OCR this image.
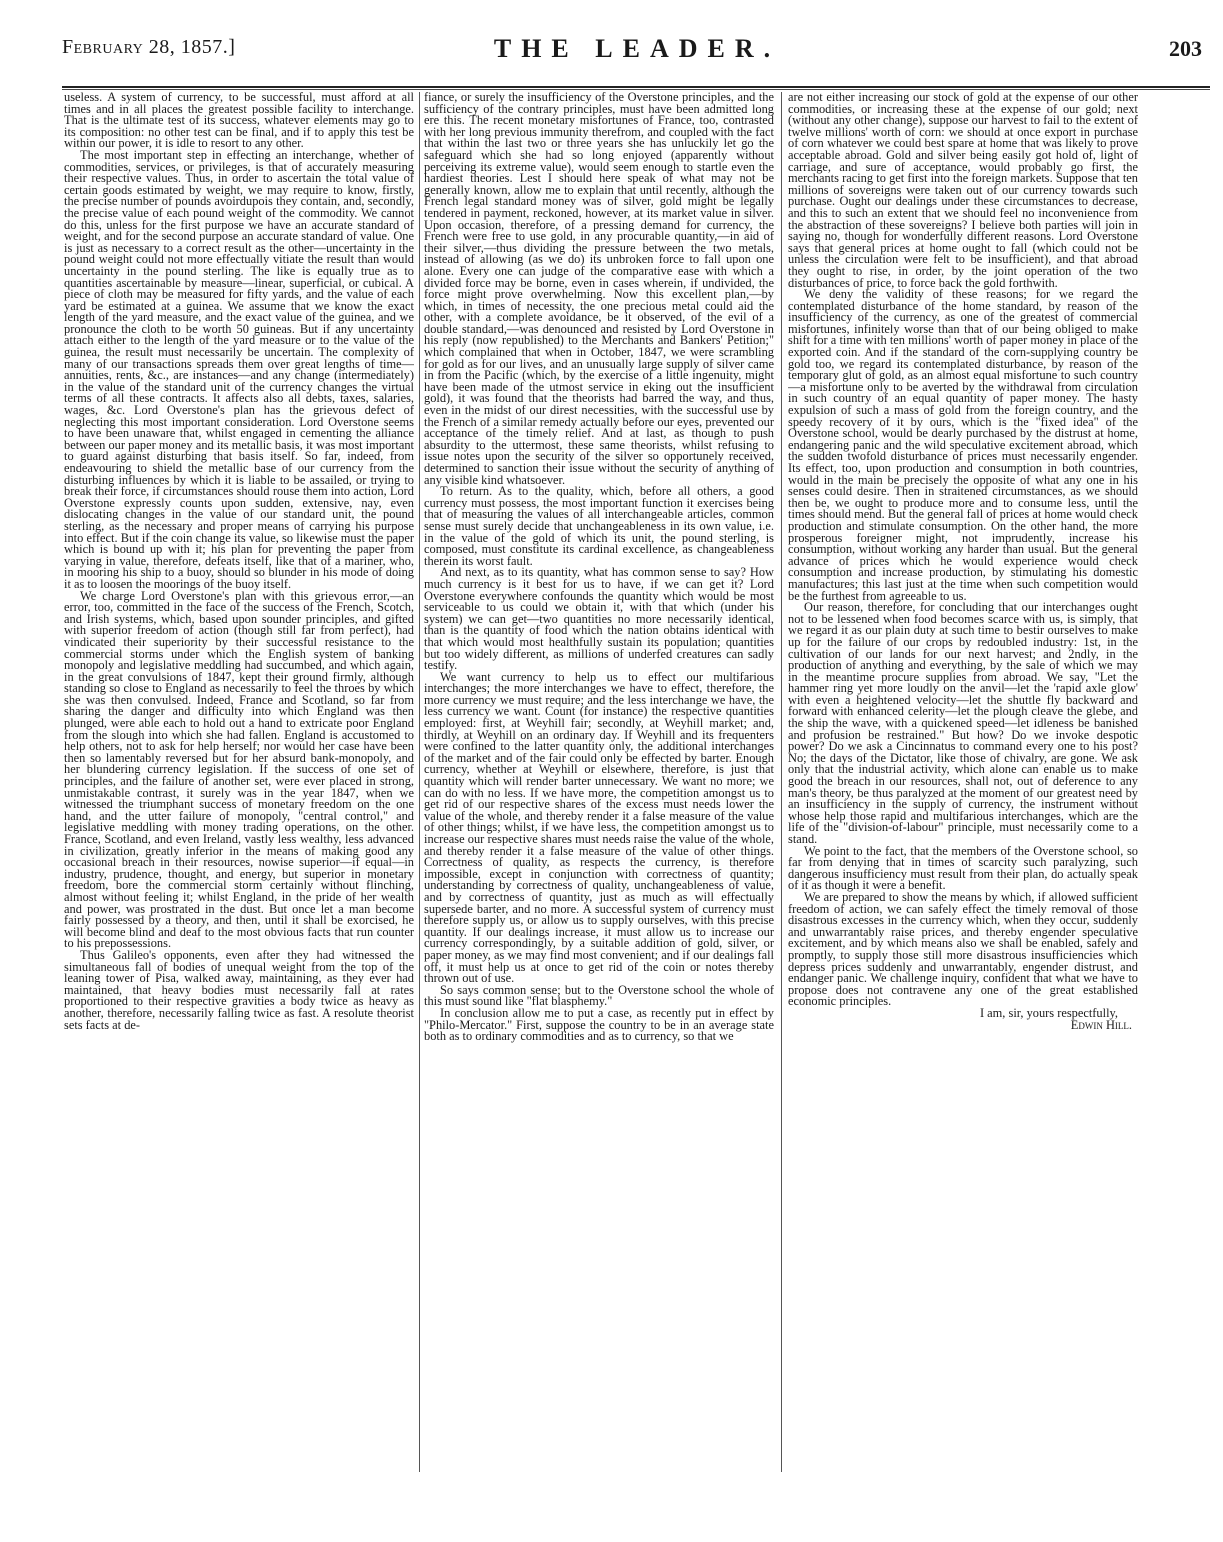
February 28, 1857.]	THE LEADER.	203

useless. A system of currency, to be successful, must afford at all times and in all places the greatest possible facility to interchange. That is the ultimate test of its success, whatever elements may go to its composition: no other test can be final, and if to apply this test be within our power, it is idle to resort to any other.

The most important step in effecting an interchange, whether of commodities, services, or privileges, is that of accurately measuring their respective values. Thus, in order to ascertain the total value of certain goods estimated by weight, we may require to know, firstly, the precise number of pounds avoirdupois they contain, and, secondly, the precise value of each pound weight of the commodity. We cannot do this, unless for the first purpose we have an accurate standard of weight, and for the second purpose an accurate standard of value. One is just as necessary to a correct result as the other—uncertainty in the pound weight could not more effectually vitiate the result than would uncertainty in the pound sterling. The like is equally true as to quantities ascertainable by measure—linear, superficial, or cubical. A piece of cloth may be measured for fifty yards, and the value of each yard be estimated at a guinea. We assume that we know the exact length of the yard measure, and the exact value of the guinea, and we pronounce the cloth to be worth 50 guineas. But if any uncertainty attach either to the length of the yard measure or to the value of the guinea, the result must necessarily be uncertain. The complexity of many of our transactions spreads them over great lengths of time—annuities, rents, &c., are instances—and any change (intermediately) in the value of the standard unit of the currency changes the virtual terms of all these contracts. It affects also all debts, taxes, salaries, wages, &c. Lord Overstone's plan has the grievous defect of neglecting this most important consideration. Lord Overstone seems to have been unaware that, whilst engaged in cementing the alliance between our paper money and its metallic basis, it was most important to guard against disturbing that basis itself. So far, indeed, from endeavouring to shield the metallic base of our currency from the disturbing influences by which it is liable to be assailed, or trying to break their force, if circumstances should rouse them into action, Lord Overstone expressly counts upon sudden, extensive, nay, even dislocating changes in the value of our standard unit, the pound sterling, as the necessary and proper means of carrying his purpose into effect. But if the coin change its value, so likewise must the paper which is bound up with it; his plan for preventing the paper from varying in value, therefore, defeats itself, like that of a mariner, who, in mooring his ship to a buoy, should so blunder in his mode of doing it as to loosen the moorings of the buoy itself.

We charge Lord Overstone's plan with this grievous error,—an error, too, committed in the face of the success of the French, Scotch, and Irish systems, which, based upon sounder principles, and gifted with superior freedom of action (though still far from perfect), had vindicated their superiority by their successful resistance to the commercial storms under which the English system of banking monopoly and legislative meddling had succumbed, and which again, in the great convulsions of 1847, kept their ground firmly, although standing so close to England as necessarily to feel the throes by which she was then convulsed. Indeed, France and Scotland, so far from sharing the danger and difficulty into which England was then plunged, were able each to hold out a hand to extricate poor England from the slough into which she had fallen. England is accustomed to help others, not to ask for help herself; nor would her case have been then so lamentably reversed but for her absurd bank-monopoly, and her blundering currency legislation. If the success of one set of principles, and the failure of another set, were ever placed in strong, unmistakable contrast, it surely was in the year 1847, when we witnessed the triumphant success of monetary freedom on the one hand, and the utter failure of monopoly, "central control," and legislative meddling with money trading operations, on the other. France, Scotland, and even Ireland, vastly less wealthy, less advanced in civilization, greatly inferior in the means of making good any occasional breach in their resources, nowise superior—if equal—in industry, prudence, thought, and energy, but superior in monetary freedom, bore the commercial storm certainly without flinching, almost without feeling it; whilst England, in the pride of her wealth and power, was prostrated in the dust. But once let a man become fairly possessed by a theory, and then, until it shall be exorcised, he will become blind and deaf to the most obvious facts that run counter to his prepossessions.

Thus Galileo's opponents, even after they had witnessed the simultaneous fall of bodies of unequal weight from the top of the leaning tower of Pisa, walked away, maintaining, as they ever had maintained, that heavy bodies must necessarily fall at rates proportioned to their respective gravities a body twice as heavy as another, therefore, necessarily falling twice as fast. A resolute theorist sets facts at de-

fiance, or surely the insufficiency of the Overstone principles, and the sufficiency of the contrary principles, must have been admitted long ere this. The recent monetary misfortunes of France, too, contrasted with her long previous immunity therefrom, and coupled with the fact that within the last two or three years she has unluckily let go the safeguard which she had so long enjoyed (apparently without perceiving its extreme value), would seem enough to startle even the hardiest theories. Lest I should here speak of what may not be generally known, allow me to explain that until recently, although the French legal standard money was of silver, gold might be legally tendered in payment, reckoned, however, at its market value in silver. Upon occasion, therefore, of a pressing demand for currency, the French were free to use gold, in any procurable quantity,—in aid of their silver,—thus dividing the pressure between the two metals, instead of allowing (as we do) its unbroken force to fall upon one alone. Every one can judge of the comparative ease with which a divided force may be borne, even in cases wherein, if undivided, the force might prove overwhelming. Now this excellent plan,—by which, in times of necessity, the one precious metal could aid the other, with a complete avoidance, be it observed, of the evil of a double standard,—was denounced and resisted by Lord Overstone in his reply (now republished) to the Merchants and Bankers' Petition;" which complained that when in October, 1847, we were scrambling for gold as for our lives, and an unusually large supply of silver came in from the Pacific (which, by the exercise of a little ingenuity, might have been made of the utmost service in eking out the insufficient gold), it was found that the theorists had barred the way, and thus, even in the midst of our direst necessities, with the successful use by the French of a similar remedy actually before our eyes, prevented our acceptance of the timely relief. And at last, as though to push absurdity to the uttermost, these same theorists, whilst refusing to issue notes upon the security of the silver so opportunely received, determined to sanction their issue without the security of anything of any visible kind whatsoever.

To return. As to the quality, which, before all others, a good currency must possess, the most important function it exercises being that of measuring the values of all interchangeable articles, common sense must surely decide that unchangeableness in its own value, i.e. in the value of the gold of which its unit, the pound sterling, is composed, must constitute its cardinal excellence, as changeableness therein its worst fault.

And next, as to its quantity, what has common sense to say? How much currency is it best for us to have, if we can get it? Lord Overstone everywhere confounds the quantity which would be most serviceable to us could we obtain it, with that which (under his system) we can get—two quantities no more necessarily identical, than is the quantity of food which the nation obtains identical with that which would most healthfully sustain its population; quantities but too widely different, as millions of underfed creatures can sadly testify.

We want currency to help us to effect our multifarious interchanges; the more interchanges we have to effect, therefore, the more currency we must require; and the less interchange we have, the less currency we want. Count (for instance) the respective quantities employed: first, at Weyhill fair; secondly, at Weyhill market; and, thirdly, at Weyhill on an ordinary day. If Weyhill and its frequenters were confined to the latter quantity only, the additional interchanges of the market and of the fair could only be effected by barter. Enough currency, whether at Weyhill or elsewhere, therefore, is just that quantity which will render barter unnecessary. We want no more; we can do with no less. If we have more, the competition amongst us to get rid of our respective shares of the excess must needs lower the value of the whole, and thereby render it a false measure of the value of other things; whilst, if we have less, the competition amongst us to increase our respective shares must needs raise the value of the whole, and thereby render it a false measure of the value of other things. Correctness of quality, as respects the currency, is therefore impossible, except in conjunction with correctness of quantity; understanding by correctness of quality, unchangeableness of value, and by correctness of quantity, just as much as will effectually supersede barter, and no more. A successful system of currency must therefore supply us, or allow us to supply ourselves, with this precise quantity. If our dealings increase, it must allow us to increase our currency correspondingly, by a suitable addition of gold, silver, or paper money, as we may find most convenient; and if our dealings fall off, it must help us at once to get rid of the coin or notes thereby thrown out of use.

So says common sense; but to the Overstone school the whole of this must sound like "flat blasphemy."

In conclusion allow me to put a case, as recently put in effect by "Philo-Mercator." First, suppose the country to be in an average state both as to ordinary commodities and as to currency, so that we

are not either increasing our stock of gold at the expense of our other commodities, or increasing these at the expense of our gold; next (without any other change), suppose our harvest to fail to the extent of twelve millions' worth of corn: we should at once export in purchase of corn whatever we could best spare at home that was likely to prove acceptable abroad. Gold and silver being easily got hold of, light of carriage, and sure of acceptance, would probably go first, the merchants racing to get first into the foreign markets. Suppose that ten millions of sovereigns were taken out of our currency towards such purchase. Ought our dealings under these circumstances to decrease, and this to such an extent that we should feel no inconvenience from the abstraction of these sovereigns? I believe both parties will join in saying no, though for wonderfully different reasons. Lord Overstone says that general prices at home ought to fall (which could not be unless the circulation were felt to be insufficient), and that abroad they ought to rise, in order, by the joint operation of the two disturbances of price, to force back the gold forthwith.

We deny the validity of these reasons; for we regard the contemplated disturbance of the home standard, by reason of the insufficiency of the currency, as one of the greatest of commercial misfortunes, infinitely worse than that of our being obliged to make shift for a time with ten millions' worth of paper money in place of the exported coin. And if the standard of the corn-supplying country be gold too, we regard its contemplated disturbance, by reason of the temporary glut of gold, as an almost equal misfortune to such country—a misfortune only to be averted by the withdrawal from circulation in such country of an equal quantity of paper money. The hasty expulsion of such a mass of gold from the foreign country, and the speedy recovery of it by ours, which is the "fixed idea" of the Overstone school, would be dearly purchased by the distrust at home, endangering panic and the wild speculative excitement abroad, which the sudden twofold disturbance of prices must necessarily engender. Its effect, too, upon production and consumption in both countries, would in the main be precisely the opposite of what any one in his senses could desire. Then in straitened circumstances, as we should then be, we ought to produce more and to consume less, until the times should mend. But the general fall of prices at home would check production and stimulate consumption. On the other hand, the more prosperous foreigner might, not imprudently, increase his consumption, without working any harder than usual. But the general advance of prices which he would experience would check consumption and increase production, by stimulating his domestic manufactures; this last just at the time when such competition would be the furthest from agreeable to us.

Our reason, therefore, for concluding that our interchanges ought not to be lessened when food becomes scarce with us, is simply, that we regard it as our plain duty at such time to bestir ourselves to make up for the failure of our crops by redoubled industry: 1st, in the cultivation of our lands for our next harvest; and 2ndly, in the production of anything and everything, by the sale of which we may in the meantime procure supplies from abroad. We say, "Let the hammer ring yet more loudly on the anvil—let the 'rapid axle glow' with even a heightened velocity—let the shuttle fly backward and forward with enhanced celerity—let the plough cleave the glebe, and the ship the wave, with a quickened speed—let idleness be banished and profusion be restrained." But how? Do we invoke despotic power? Do we ask a Cincinnatus to command every one to his post? No; the days of the Dictator, like those of chivalry, are gone. We ask only that the industrial activity, which alone can enable us to make good the breach in our resources, shall not, out of deference to any man's theory, be thus paralyzed at the moment of our greatest need by an insufficiency in the supply of currency, the instrument without whose help those rapid and multifarious interchanges, which are the life of the "division-of-labour" principle, must necessarily come to a stand.

We point to the fact, that the members of the Overstone school, so far from denying that in times of scarcity such paralyzing, such dangerous insufficiency must result from their plan, do actually speak of it as though it were a benefit.

We are prepared to show the means by which, if allowed sufficient freedom of action, we can safely effect the timely removal of those disastrous excesses in the currency which, when they occur, suddenly and unwarrantably raise prices, and thereby engender speculative excitement, and by which means also we shall be enabled, safely and promptly, to supply those still more disastrous insufficiencies which depress prices suddenly and unwarrantably, engender distrust, and endanger panic. We challenge inquiry, confident that what we have to propose does not contravene any one of the great established economic principles.

I am, sir, yours respectfully,

Edwin Hill.
